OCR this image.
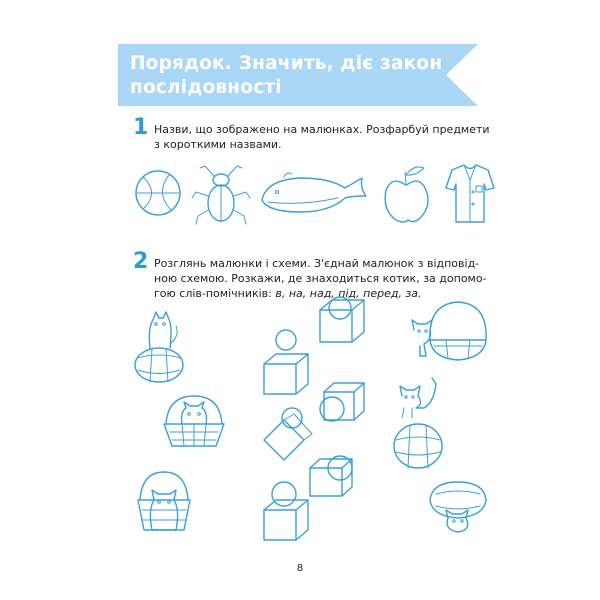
Порядок. Значить, діє закон
послідовності
1 Назви, що зображено на малюнках. Розфарбуй предмети
з короткими назвами.
2 Розглянь малюнки і схеми. З'єднай малюнок з відповід-
ною схемою. Розкажи, де знаходиться котик, за допомо-
гою слів-помічників: в, на, над, під, перед, за.
8
